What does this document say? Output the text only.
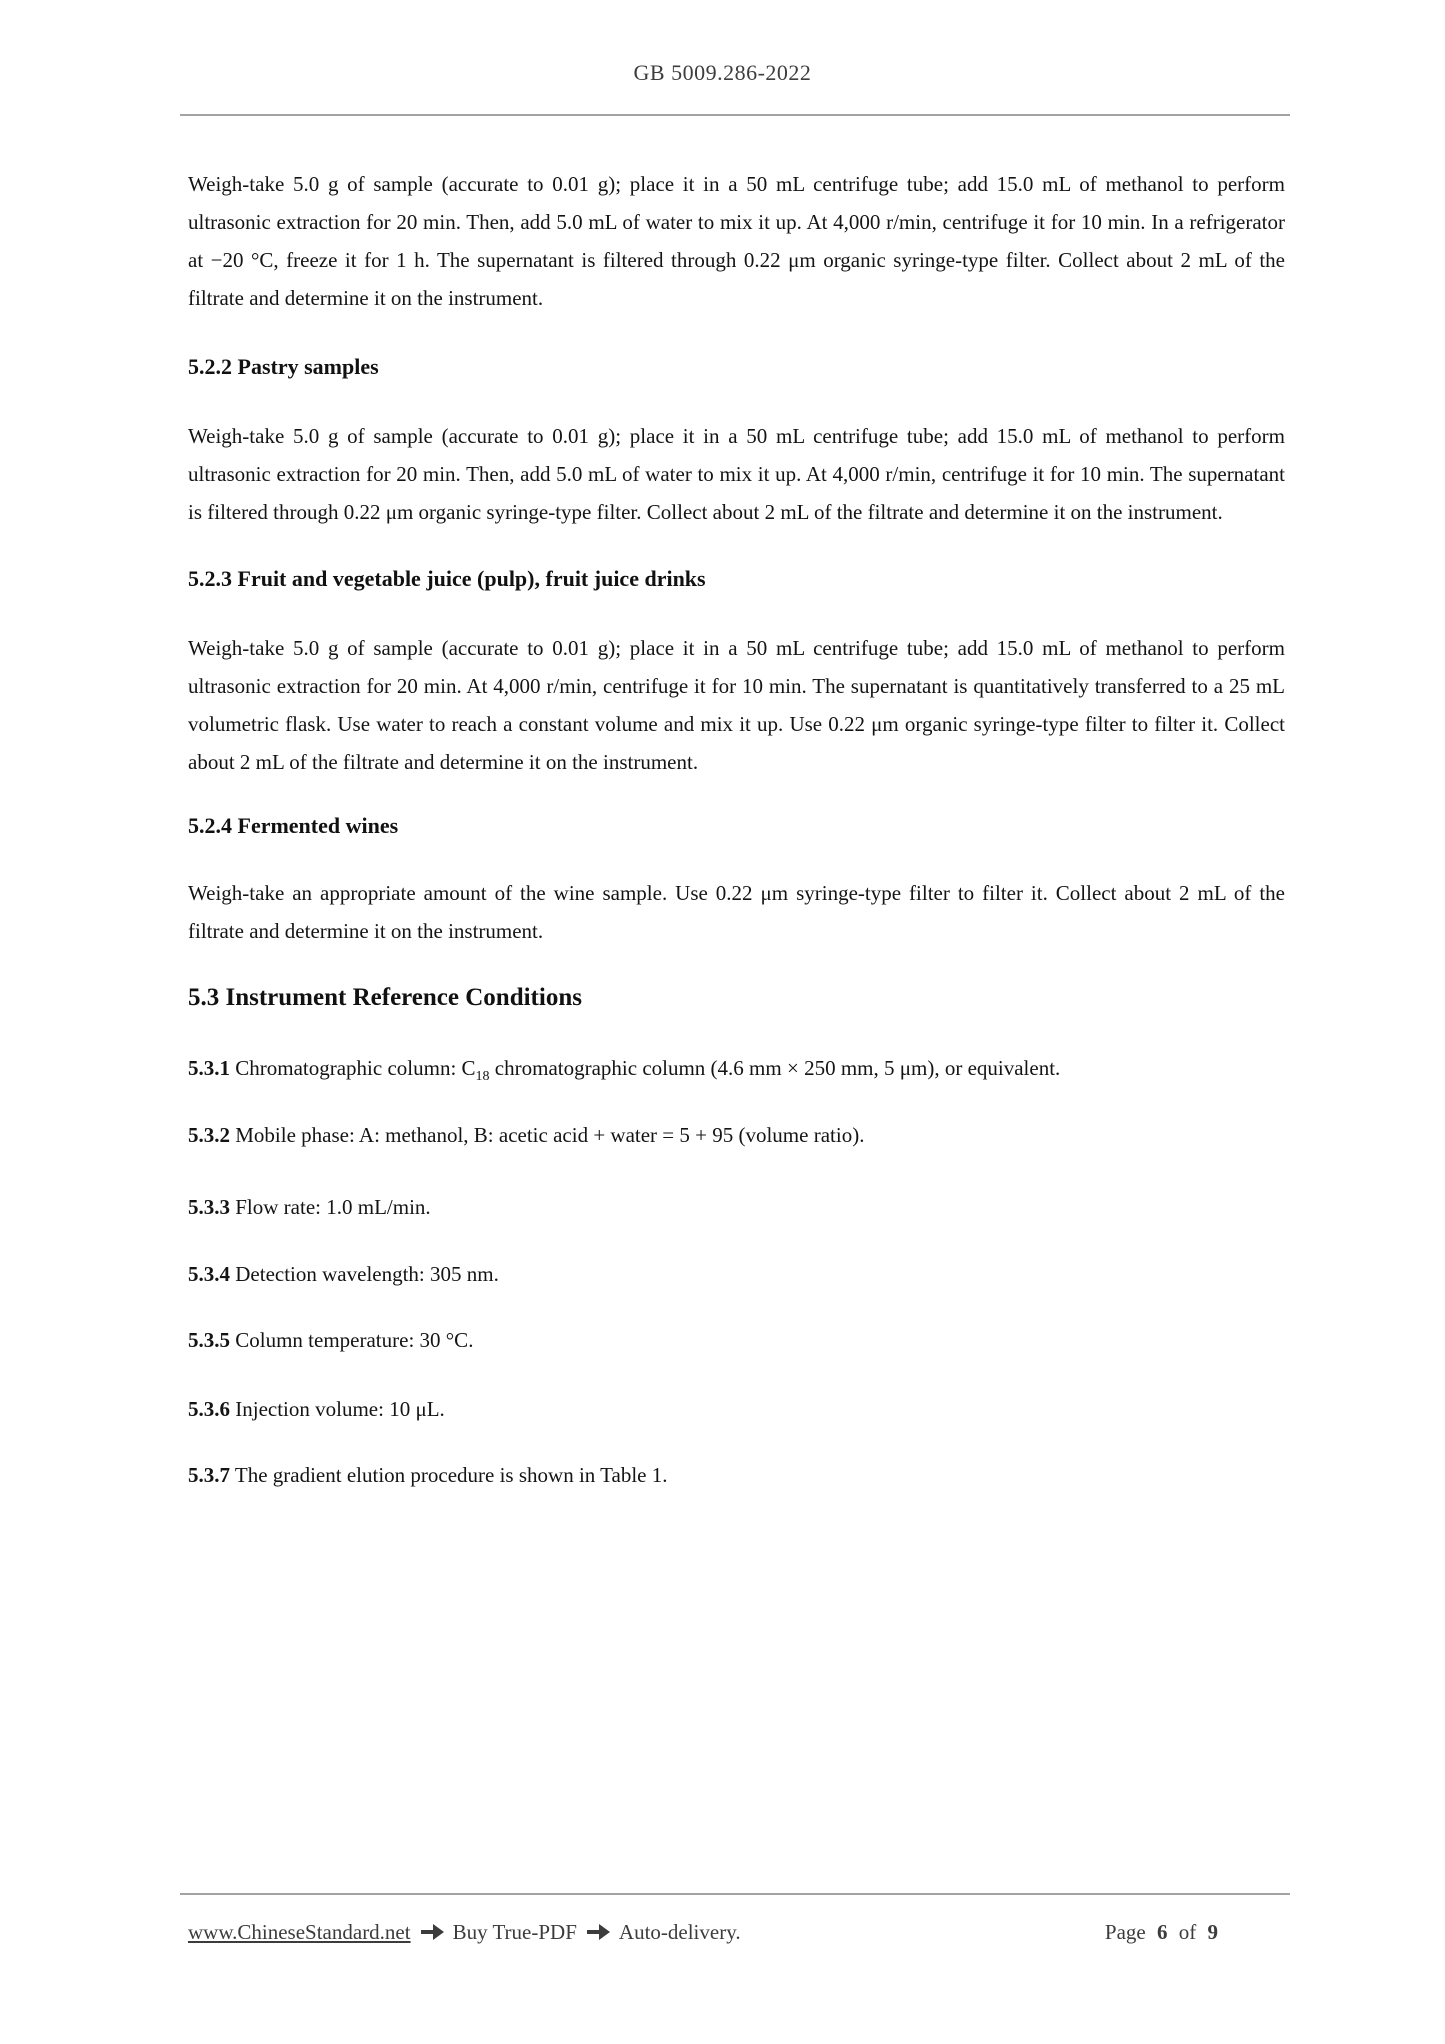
GB 5009.286-2022

Weigh-take 5.0 g of sample (accurate to 0.01 g); place it in a 50 mL centrifuge tube; add 15.0 mL of methanol to perform ultrasonic extraction for 20 min. Then, add 5.0 mL of water to mix it up. At 4,000 r/min, centrifuge it for 10 min. In a refrigerator at −20 °C, freeze it for 1 h. The supernatant is filtered through 0.22 μm organic syringe-type filter. Collect about 2 mL of the filtrate and determine it on the instrument.

5.2.2 Pastry samples

Weigh-take 5.0 g of sample (accurate to 0.01 g); place it in a 50 mL centrifuge tube; add 15.0 mL of methanol to perform ultrasonic extraction for 20 min. Then, add 5.0 mL of water to mix it up. At 4,000 r/min, centrifuge it for 10 min. The supernatant is filtered through 0.22 μm organic syringe-type filter. Collect about 2 mL of the filtrate and determine it on the instrument.

5.2.3 Fruit and vegetable juice (pulp), fruit juice drinks

Weigh-take 5.0 g of sample (accurate to 0.01 g); place it in a 50 mL centrifuge tube; add 15.0 mL of methanol to perform ultrasonic extraction for 20 min. At 4,000 r/min, centrifuge it for 10 min. The supernatant is quantitatively transferred to a 25 mL volumetric flask. Use water to reach a constant volume and mix it up. Use 0.22 μm organic syringe-type filter to filter it. Collect about 2 mL of the filtrate and determine it on the instrument.

5.2.4 Fermented wines

Weigh-take an appropriate amount of the wine sample. Use 0.22 μm syringe-type filter to filter it. Collect about 2 mL of the filtrate and determine it on the instrument.

5.3 Instrument Reference Conditions

5.3.1 Chromatographic column: $C_{18}$ chromatographic column (4.6 mm × 250 mm, 5 μm), or equivalent.

5.3.2 Mobile phase: A: methanol, B: acetic acid + water = 5 + 95 (volume ratio).

5.3.3 Flow rate: 1.0 mL/min.

5.3.4 Detection wavelength: 305 nm.

5.3.5 Column temperature: 30 °C.

5.3.6 Injection volume: 10 μL.

5.3.7 The gradient elution procedure is shown in Table 1.

www.ChineseStandard.net Buy True-PDF Auto-delivery.	Page 6 of 9
